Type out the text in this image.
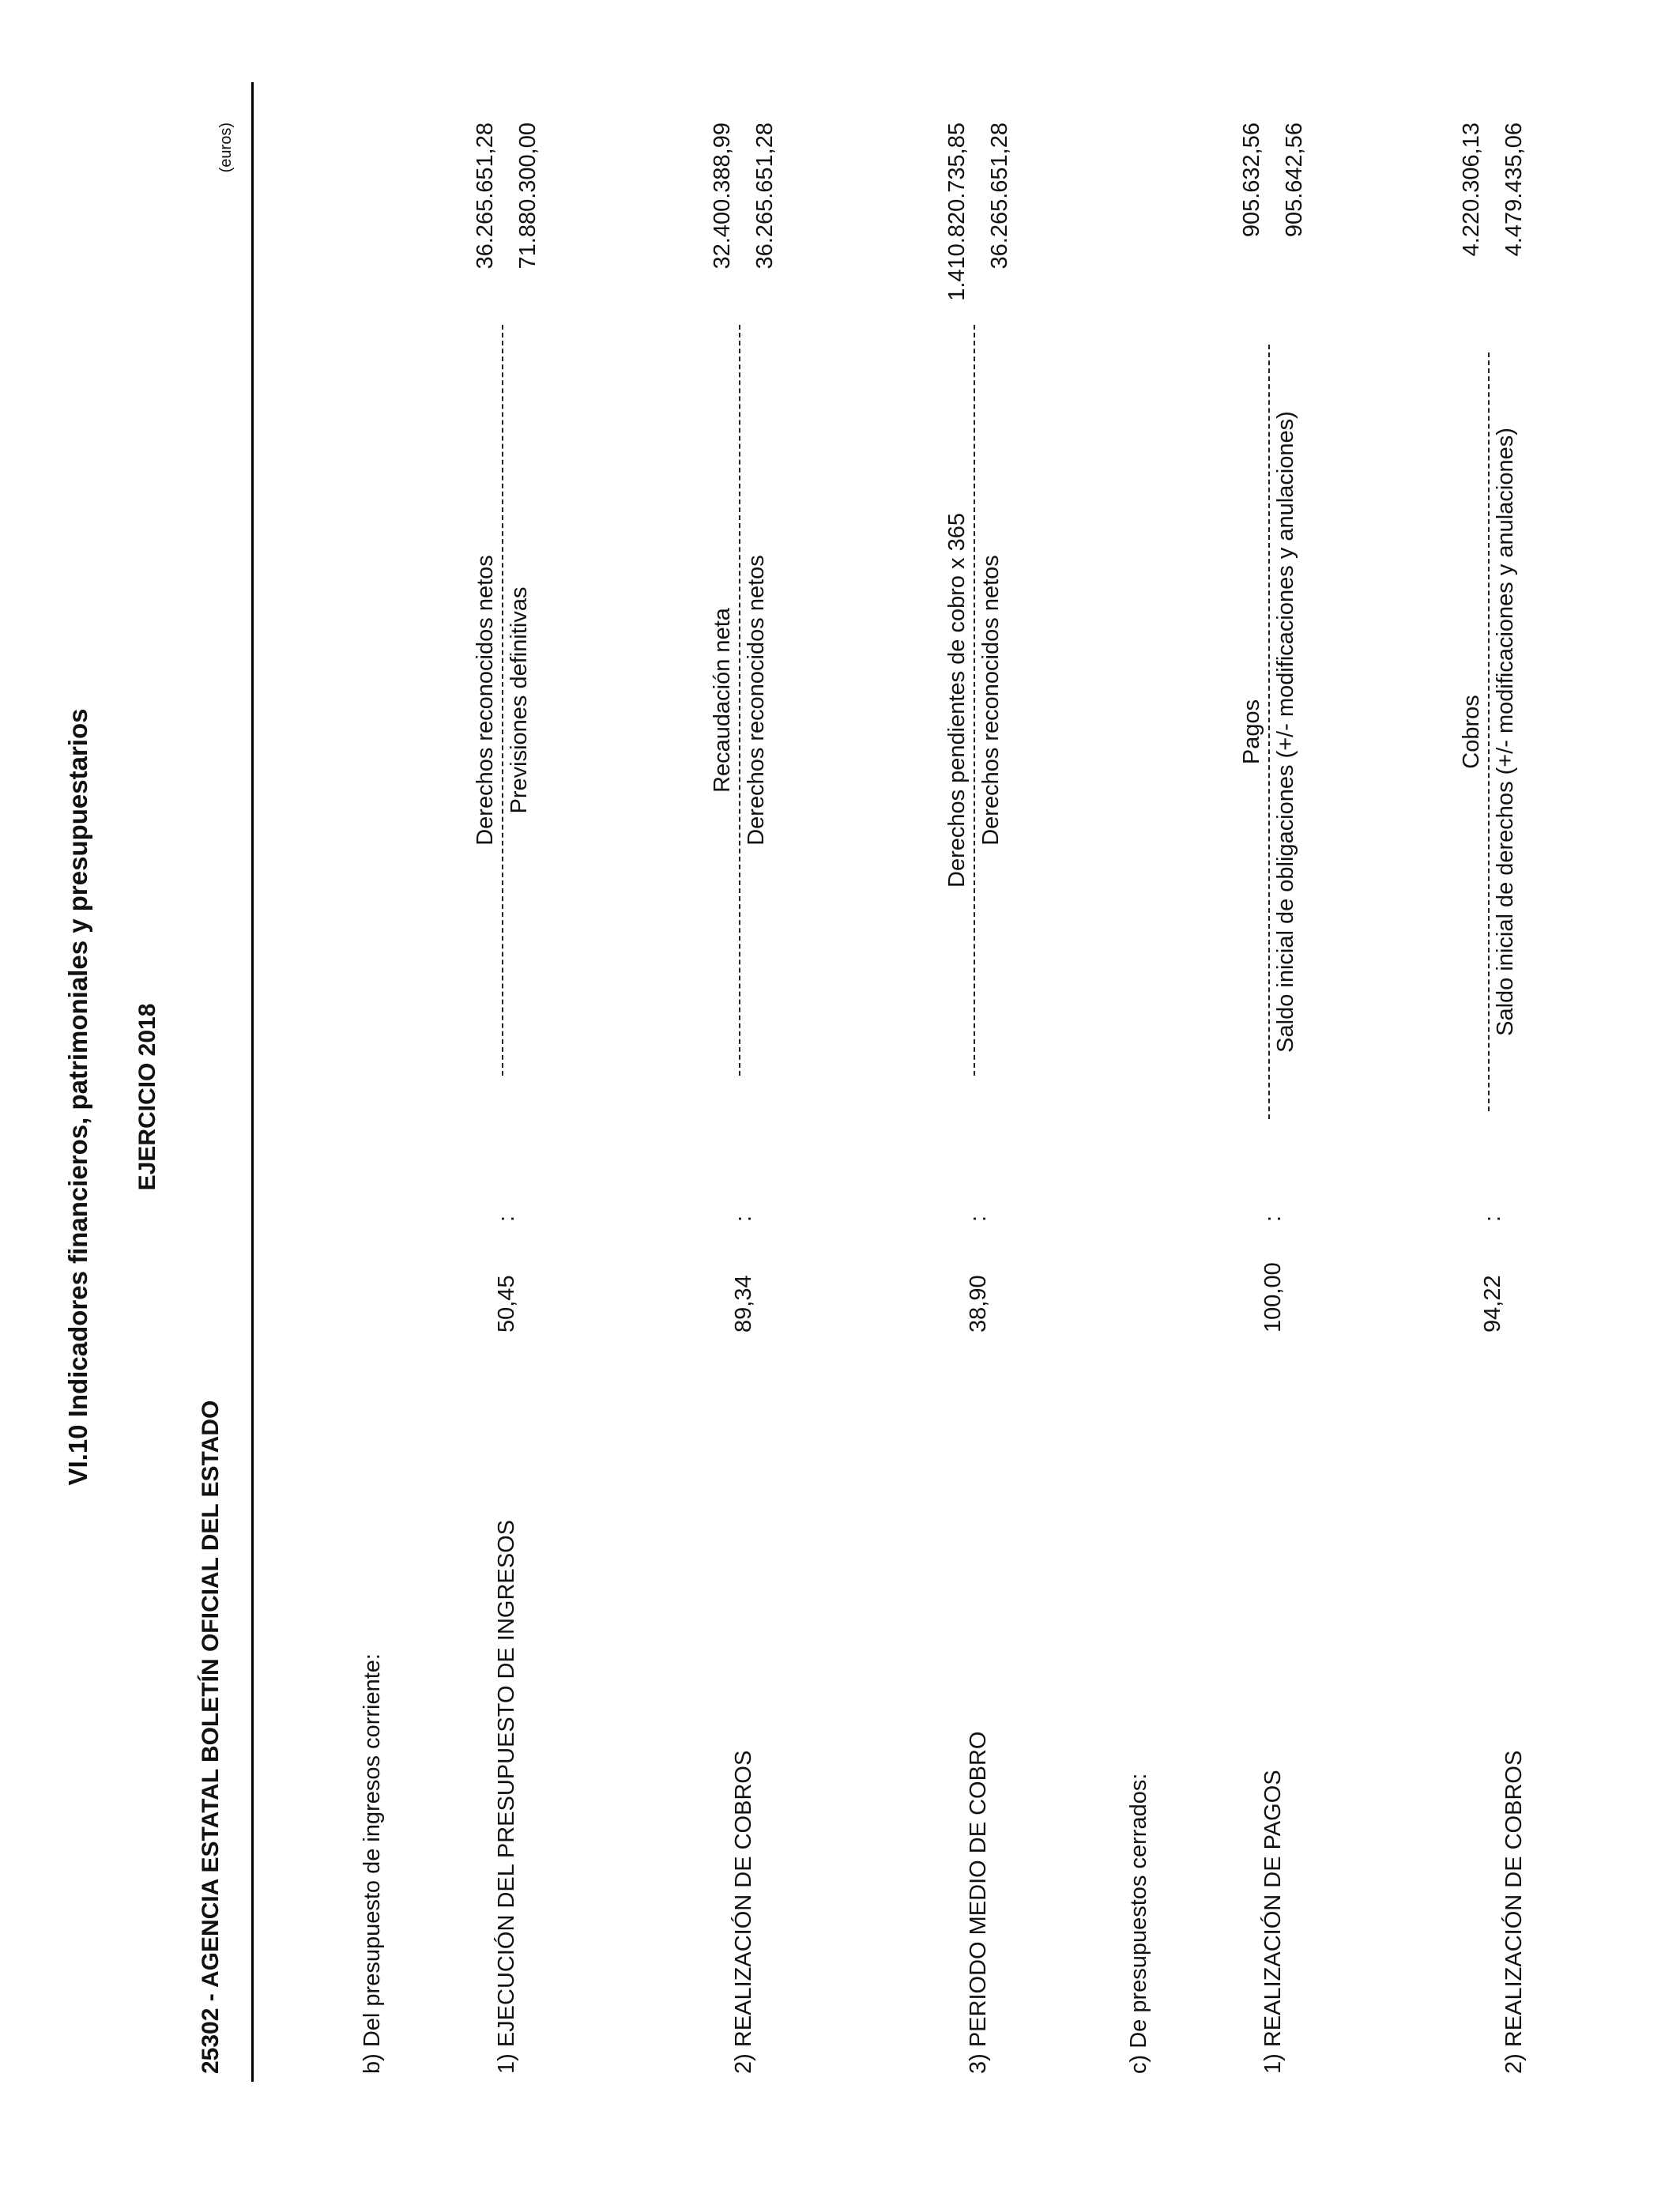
VI.10 Indicadores financieros, patrimoniales y presupuestarios EJERCICIO 2018
25302 - AGENCIA ESTATAL BOLETÍN OFICIAL DEL ESTADO
(euros)
b) Del presupuesto de ingresos corriente:	1) EJECUCIÓN DEL PRESUPUESTO DE INGRESOS
50,45
:
Derechos reconocidos netos Previsiones definitivas
36.265.651,28 71.880.300,00
2) REALIZACIÓN DE COBROS
89,34
:
Recaudación neta Derechos reconocidos netos
32.400.388,99 36.265.651,28
3) PERIODO MEDIO DE COBRO
38,90
:
Derechos pendientes de cobro x 365 Derechos reconocidos netos
1.410.820.735,85 36.265.651,28
c) De presupuestos cerrados:	1) REALIZACIÓN DE PAGOS
100,00
:
Pagos Saldo inicial de obligaciones (+/- modificaciones y anulaciones)
905.632,56 905.642,56
2) REALIZACIÓN DE COBROS
94,22
:
Cobros Saldo inicial de derechos (+/- modificaciones y anulaciones)
4.220.306,13 4.479.435,06
